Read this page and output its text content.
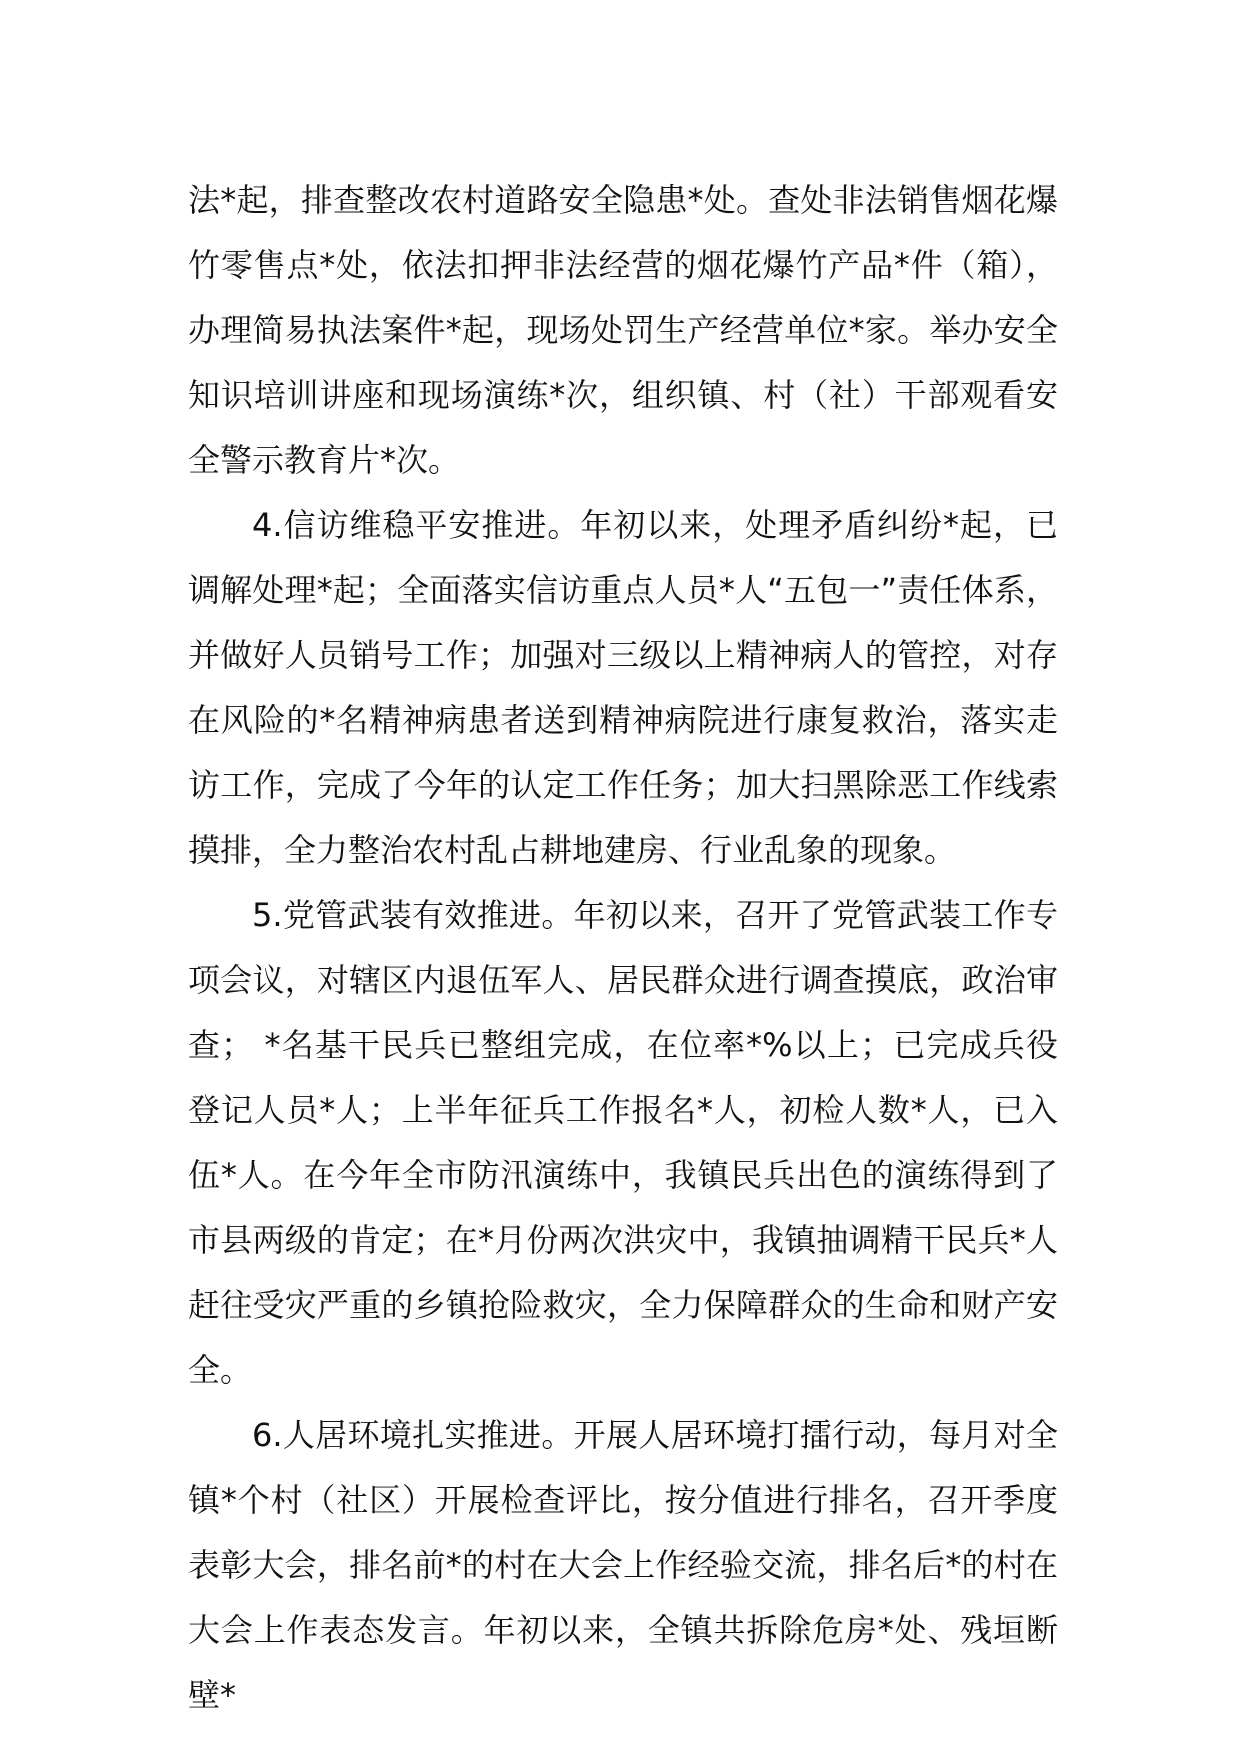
法*起，排查整改农村道路安全隐患*处。查处非法销售烟花爆竹零售点*处，依法扣押非法经营的烟花爆竹产品*件（箱），办理简易执法案件*起，现场处罚生产经营单位*家。举办安全知识培训讲座和现场演练*次，组织镇、村（社）干部观看安全警示教育片*次。

4.信访维稳平安推进。年初以来，处理矛盾纠纷*起，已调解处理*起；全面落实信访重点人员*人“五包一”责任体系，并做好人员销号工作；加强对三级以上精神病人的管控，对存在风险的*名精神病患者送到精神病院进行康复救治，落实走访工作，完成了今年的认定工作任务；加大扫黑除恶工作线索摸排，全力整治农村乱占耕地建房、行业乱象的现象。

5.党管武装有效推进。年初以来，召开了党管武装工作专项会议，对辖区内退伍军人、居民群众进行调查摸底，政治审查； *名基干民兵已整组完成，在位率*%以上；已完成兵役登记人员*人；上半年征兵工作报名*人，初检人数*人，已入伍*人。在今年全市防汛演练中，我镇民兵出色的演练得到了市县两级的肯定；在*月份两次洪灾中，我镇抽调精干民兵*人赶往受灾严重的乡镇抢险救灾，全力保障群众的生命和财产安全。

6.人居环境扎实推进。开展人居环境打擂行动，每月对全镇*个村（社区）开展检查评比，按分值进行排名，召开季度表彰大会，排名前*的村在大会上作经验交流，排名后*的村在大会上作表态发言。年初以来，全镇共拆除危房*处、残垣断壁*
